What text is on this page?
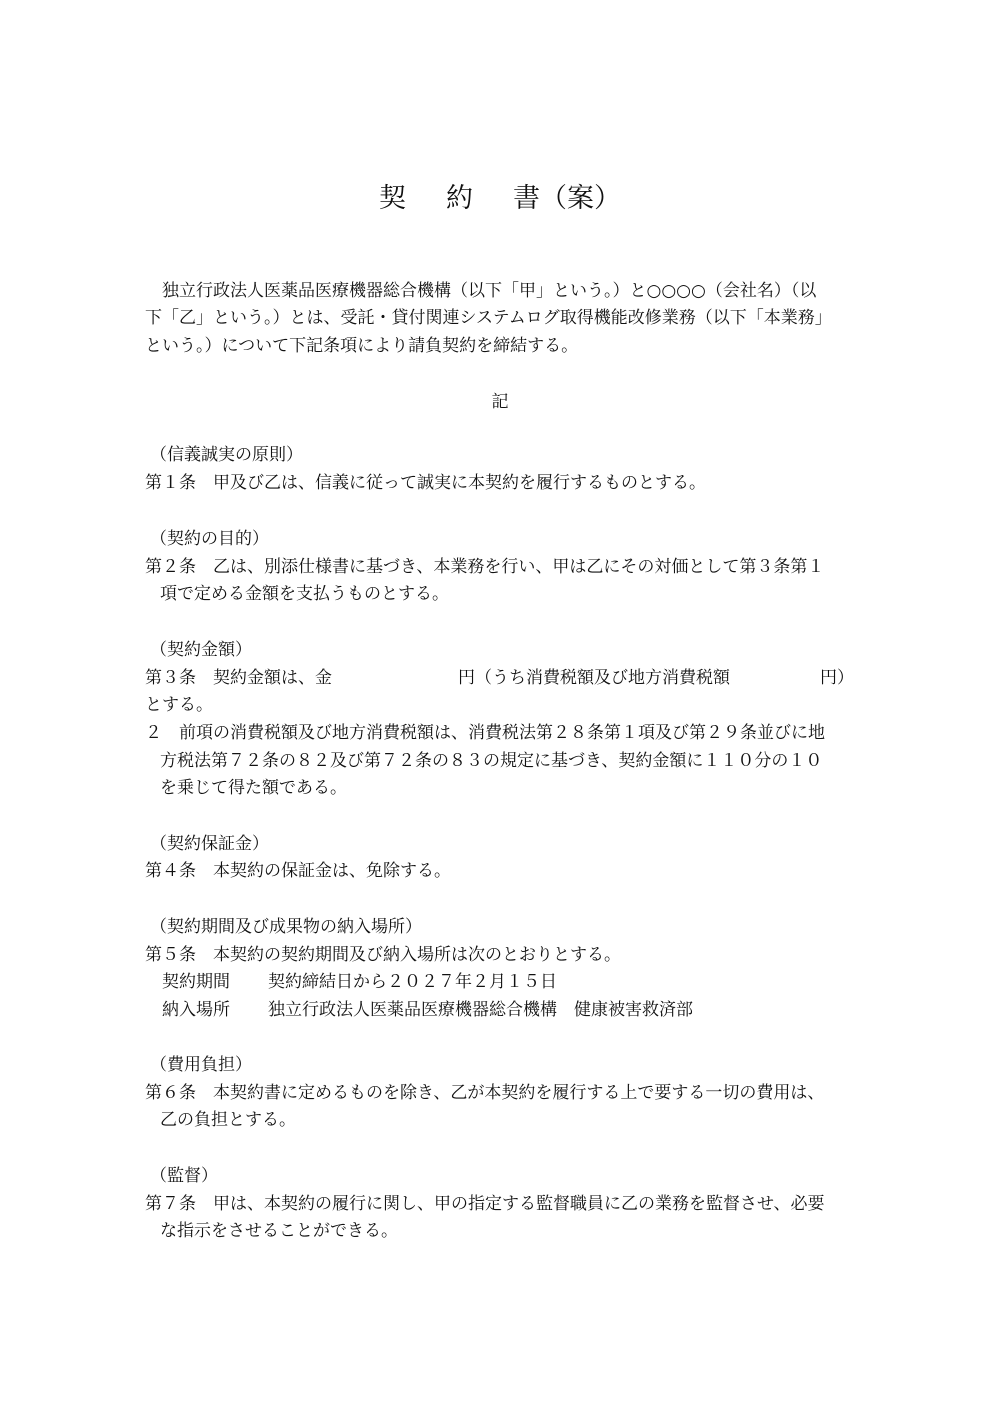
契 約 書（案）
　独立行政法人医薬品医療機器総合機構（以下「甲」という。）と○○○○（会社名）（以
下「乙」という。）とは、受託・貸付関連システムログ取得機能改修業務（以下「本業務」
という。）について下記条項により請負契約を締結する。
記
（信義誠実の原則）
第１条　甲及び乙は、信義に従って誠実に本契約を履行するものとする。
（契約の目的）
第２条　乙は、別添仕様書に基づき、本業務を行い、甲は乙にその対価として第３条第１
項で定める金額を支払うものとする。
（契約金額）
第３条　契約金額は、金	円（うち消費税額及び地方消費税額	円）
とする。
２　前項の消費税額及び地方消費税額は、消費税法第２８条第１項及び第２９条並びに地
方税法第７２条の８２及び第７２条の８３の規定に基づき、契約金額に１１０分の１０
を乗じて得た額である。
（契約保証金）
第４条　本契約の保証金は、免除する。
（契約期間及び成果物の納入場所）
第５条　本契約の契約期間及び納入場所は次のとおりとする。
契約期間 契約締結日から２０２７年２月１５日
納入場所 独立行政法人医薬品医療機器総合機構　健康被害救済部
（費用負担）
第６条　本契約書に定めるものを除き、乙が本契約を履行する上で要する一切の費用は、
乙の負担とする。
（監督）
第７条　甲は、本契約の履行に関し、甲の指定する監督職員に乙の業務を監督させ、必要
な指示をさせることができる。
